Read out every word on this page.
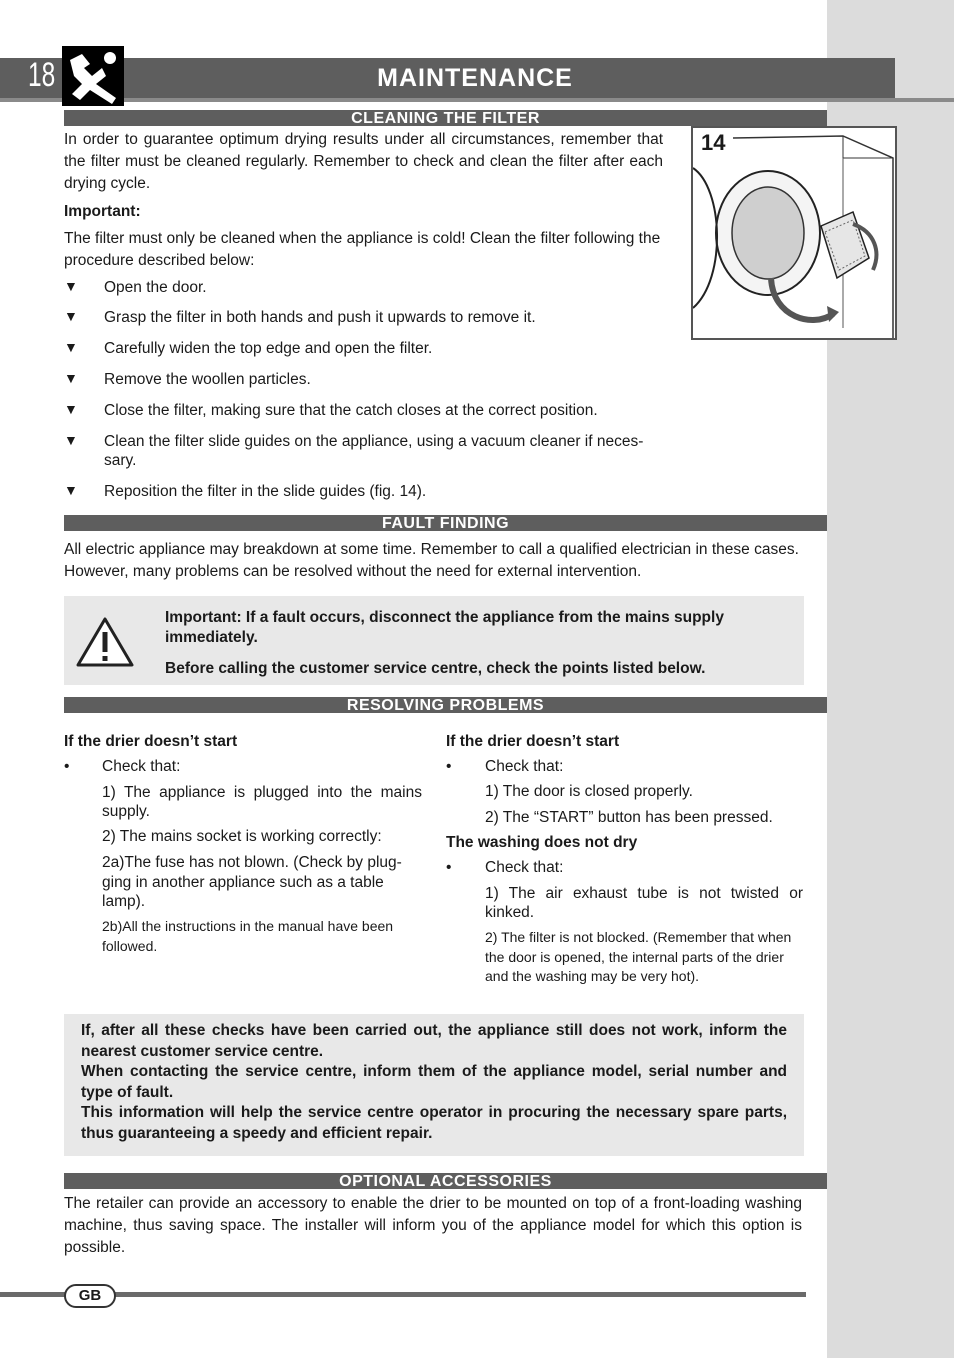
18	MAINTENANCE
CLEANING THE FILTER
In order to guarantee optimum drying results under all circumstances, remember that the filter must be cleaned regularly. Remember to check and clean the filter after each drying cycle.
Important:
The filter must only be cleaned when the appliance is cold! Clean the filter following the procedure described below:
▼ Open the door.
▼ Grasp the filter in both hands and push it upwards to remove it.
▼ Carefully widen the top edge and open the filter.
▼ Remove the woollen particles.
▼ Close the filter, making sure that the catch closes at the correct position.
▼ Clean the filter slide guides on the appliance, using a vacuum cleaner if neces- sary.
▼ Reposition the filter in the slide guides (fig. 14).
14
FAULT FINDING
All electric appliance may breakdown at some time. Remember to call a qualified electrician in these cases. However, many problems can be resolved without the need for external intervention.
Important: If a fault occurs, disconnect the appliance from the mains supply immediately.
Before calling the customer service centre, check the points listed below.
RESOLVING PROBLEMS
If the drier doesn’t start
• Check that:
1) The appliance is plugged into the mains supply.
2) The mains socket is working correctly:
2a)The fuse has not blown. (Check by plug- ging in another appliance such as a table lamp).
2b)All the instructions in the manual have been followed.
If the drier doesn’t start
• Check that:
1) The door is closed properly.
2) The “START” button has been pressed.
The washing does not dry
• Check that:
1) The air exhaust tube is not twisted or kinked.
2) The filter is not blocked. (Remember that when the door is opened, the internal parts of the drier and the washing may be very hot).
If, after all these checks have been carried out, the appliance still does not work, inform the nearest customer service centre.
When contacting the service centre, inform them of the appliance model, serial number and type of fault.
This information will help the service centre operator in procuring the necessary spare parts, thus guaranteeing a speedy and efficient repair.
OPTIONAL ACCESSORIES
The retailer can provide an accessory to enable the drier to be mounted on top of a front-loading washing machine, thus saving space. The installer will inform you of the appliance model for which this option is possible.
GB
